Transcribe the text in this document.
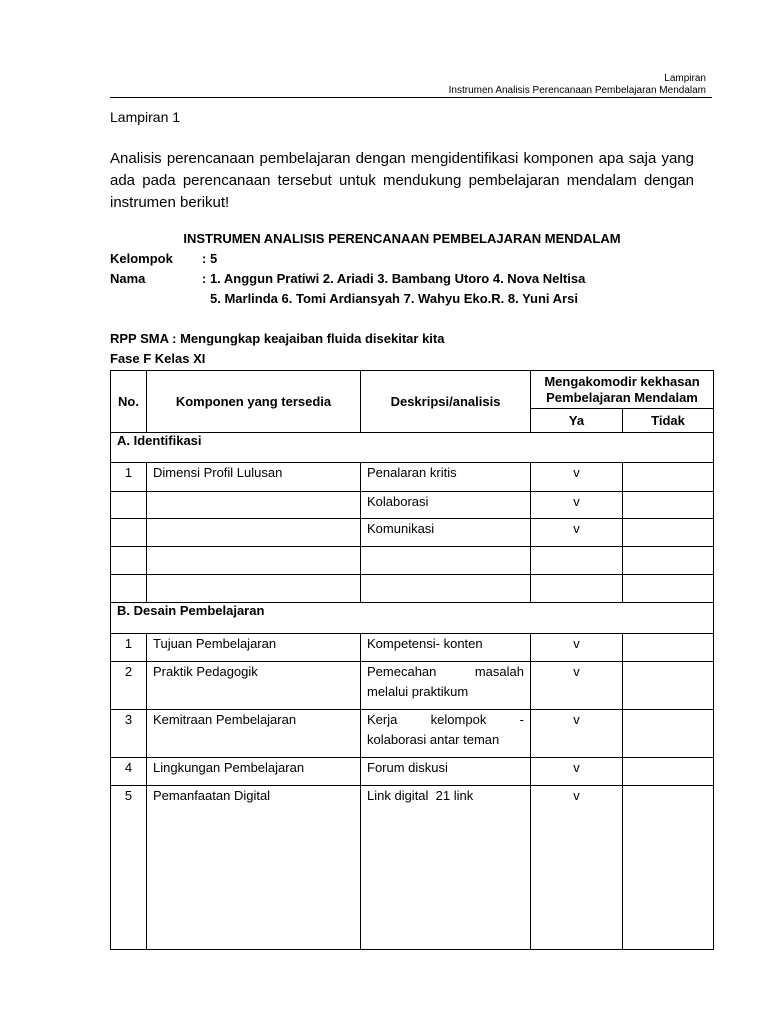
Lampiran
Instrumen Analisis Perencanaan Pembelajaran Mendalam
Lampiran 1
Analisis perencanaan pembelajaran dengan mengidentifikasi komponen apa saja yang ada pada perencanaan tersebut untuk mendukung pembelajaran mendalam dengan instrumen berikut!
INSTRUMEN ANALISIS PERENCANAAN PEMBELAJARAN MENDALAM
Kelompok : 5
Nama	: 1. Anggun Pratiwi 2. Ariadi 3. Bambang Utoro 4. Nova Neltisa
5. Marlinda 6. Tomi Ardiansyah 7. Wahyu Eko.R. 8. Yuni Arsi
RPP SMA : Mengungkap keajaiban fluida disekitar kita
Fase F Kelas XI
No.	Komponen yang tersedia	Deskripsi/analisis	Mengakomodir kekhasan Pembelajaran Mendalam	
			Ya	Tidak
A. Identifikasi				
1	Dimensi Profil Lulusan	Penalaran kritis	v	
		Kolaborasi	v	
		Komunikasi	v	

B. Desain Pembelajaran				
1	Tujuan Pembelajaran	Kompetensi- konten	v	
2	Praktik Pedagogik	Pemecahan masalah melalui praktikum	v	
3	Kemitraan Pembelajaran	Kerja kelompok - kolaborasi antar teman	v	
4	Lingkungan Pembelajaran	Forum diskusi	v	
5	Pemanfaatan Digital	Link digital  21 link	v	
